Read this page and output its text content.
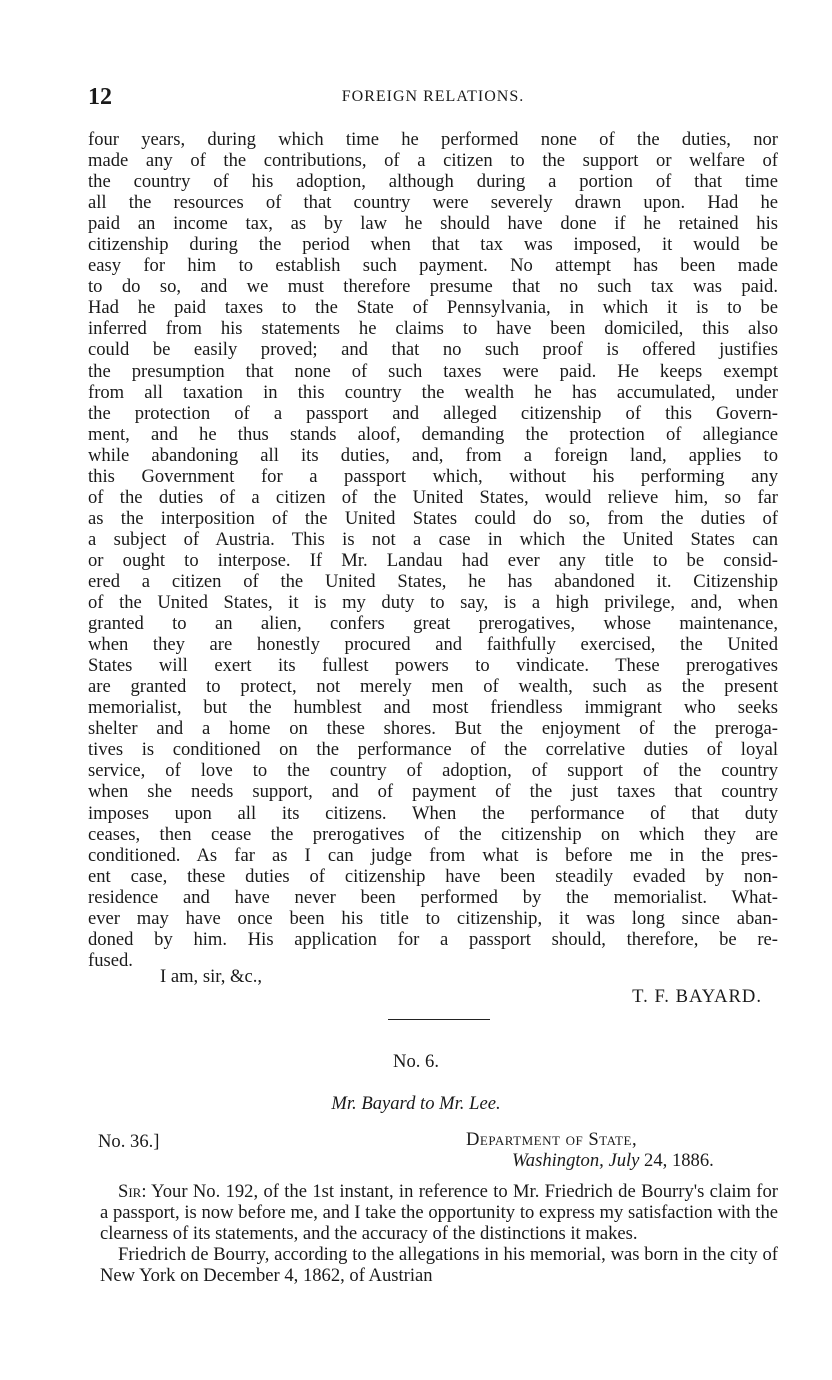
12	FOREIGN RELATIONS.
four years, during which time he performed none of the duties, nor
made any of the contributions, of a citizen to the support or welfare of
the country of his adoption, although during a portion of that time
all the resources of that country were severely drawn upon. Had he
paid an income tax, as by law he should have done if he retained his
citizenship during the period when that tax was imposed, it would be
easy for him to establish such payment. No attempt has been made
to do so, and we must therefore presume that no such tax was paid.
Had he paid taxes to the State of Pennsylvania, in which it is to be
inferred from his statements he claims to have been domiciled, this also
could be easily proved; and that no such proof is offered justifies
the presumption that none of such taxes were paid. He keeps exempt
from all taxation in this country the wealth he has accumulated, under
the protection of a passport and alleged citizenship of this Govern-
ment, and he thus stands aloof, demanding the protection of allegiance
while abandoning all its duties, and, from a foreign land, applies to
this Government for a passport which, without his performing any
of the duties of a citizen of the United States, would relieve him, so far
as the interposition of the United States could do so, from the duties of
a subject of Austria. This is not a case in which the United States can
or ought to interpose. If Mr. Landau had ever any title to be consid-
ered a citizen of the United States, he has abandoned it. Citizenship
of the United States, it is my duty to say, is a high privilege, and, when
granted to an alien, confers great prerogatives, whose maintenance,
when they are honestly procured and faithfully exercised, the United
States will exert its fullest powers to vindicate. These prerogatives
are granted to protect, not merely men of wealth, such as the present
memorialist, but the humblest and most friendless immigrant who seeks
shelter and a home on these shores. But the enjoyment of the preroga-
tives is conditioned on the performance of the correlative duties of loyal
service, of love to the country of adoption, of support of the country
when she needs support, and of payment of the just taxes that country
imposes upon all its citizens. When the performance of that duty
ceases, then cease the prerogatives of the citizenship on which they are
conditioned. As far as I can judge from what is before me in the pres-
ent case, these duties of citizenship have been steadily evaded by non-
residence and have never been performed by the memorialist. What-
ever may have once been his title to citizenship, it was long since aban-
doned by him. His application for a passport should, therefore, be re-
fused.
I am, sir, &c.,
T. F. BAYARD.
No. 6.
Mr. Bayard to Mr. Lee.
No. 36.]	Department of State,
Washington, July 24, 1886.

Sir: Your No. 192, of the 1st instant, in reference to Mr. Friedrich de Bourry's claim for a passport, is now before me, and I take the opportunity to express my satisfaction with the clearness of its statements, and the accuracy of the distinctions it makes.

Friedrich de Bourry, according to the allegations in his memorial, was born in the city of New York on December 4, 1862, of Austrian
